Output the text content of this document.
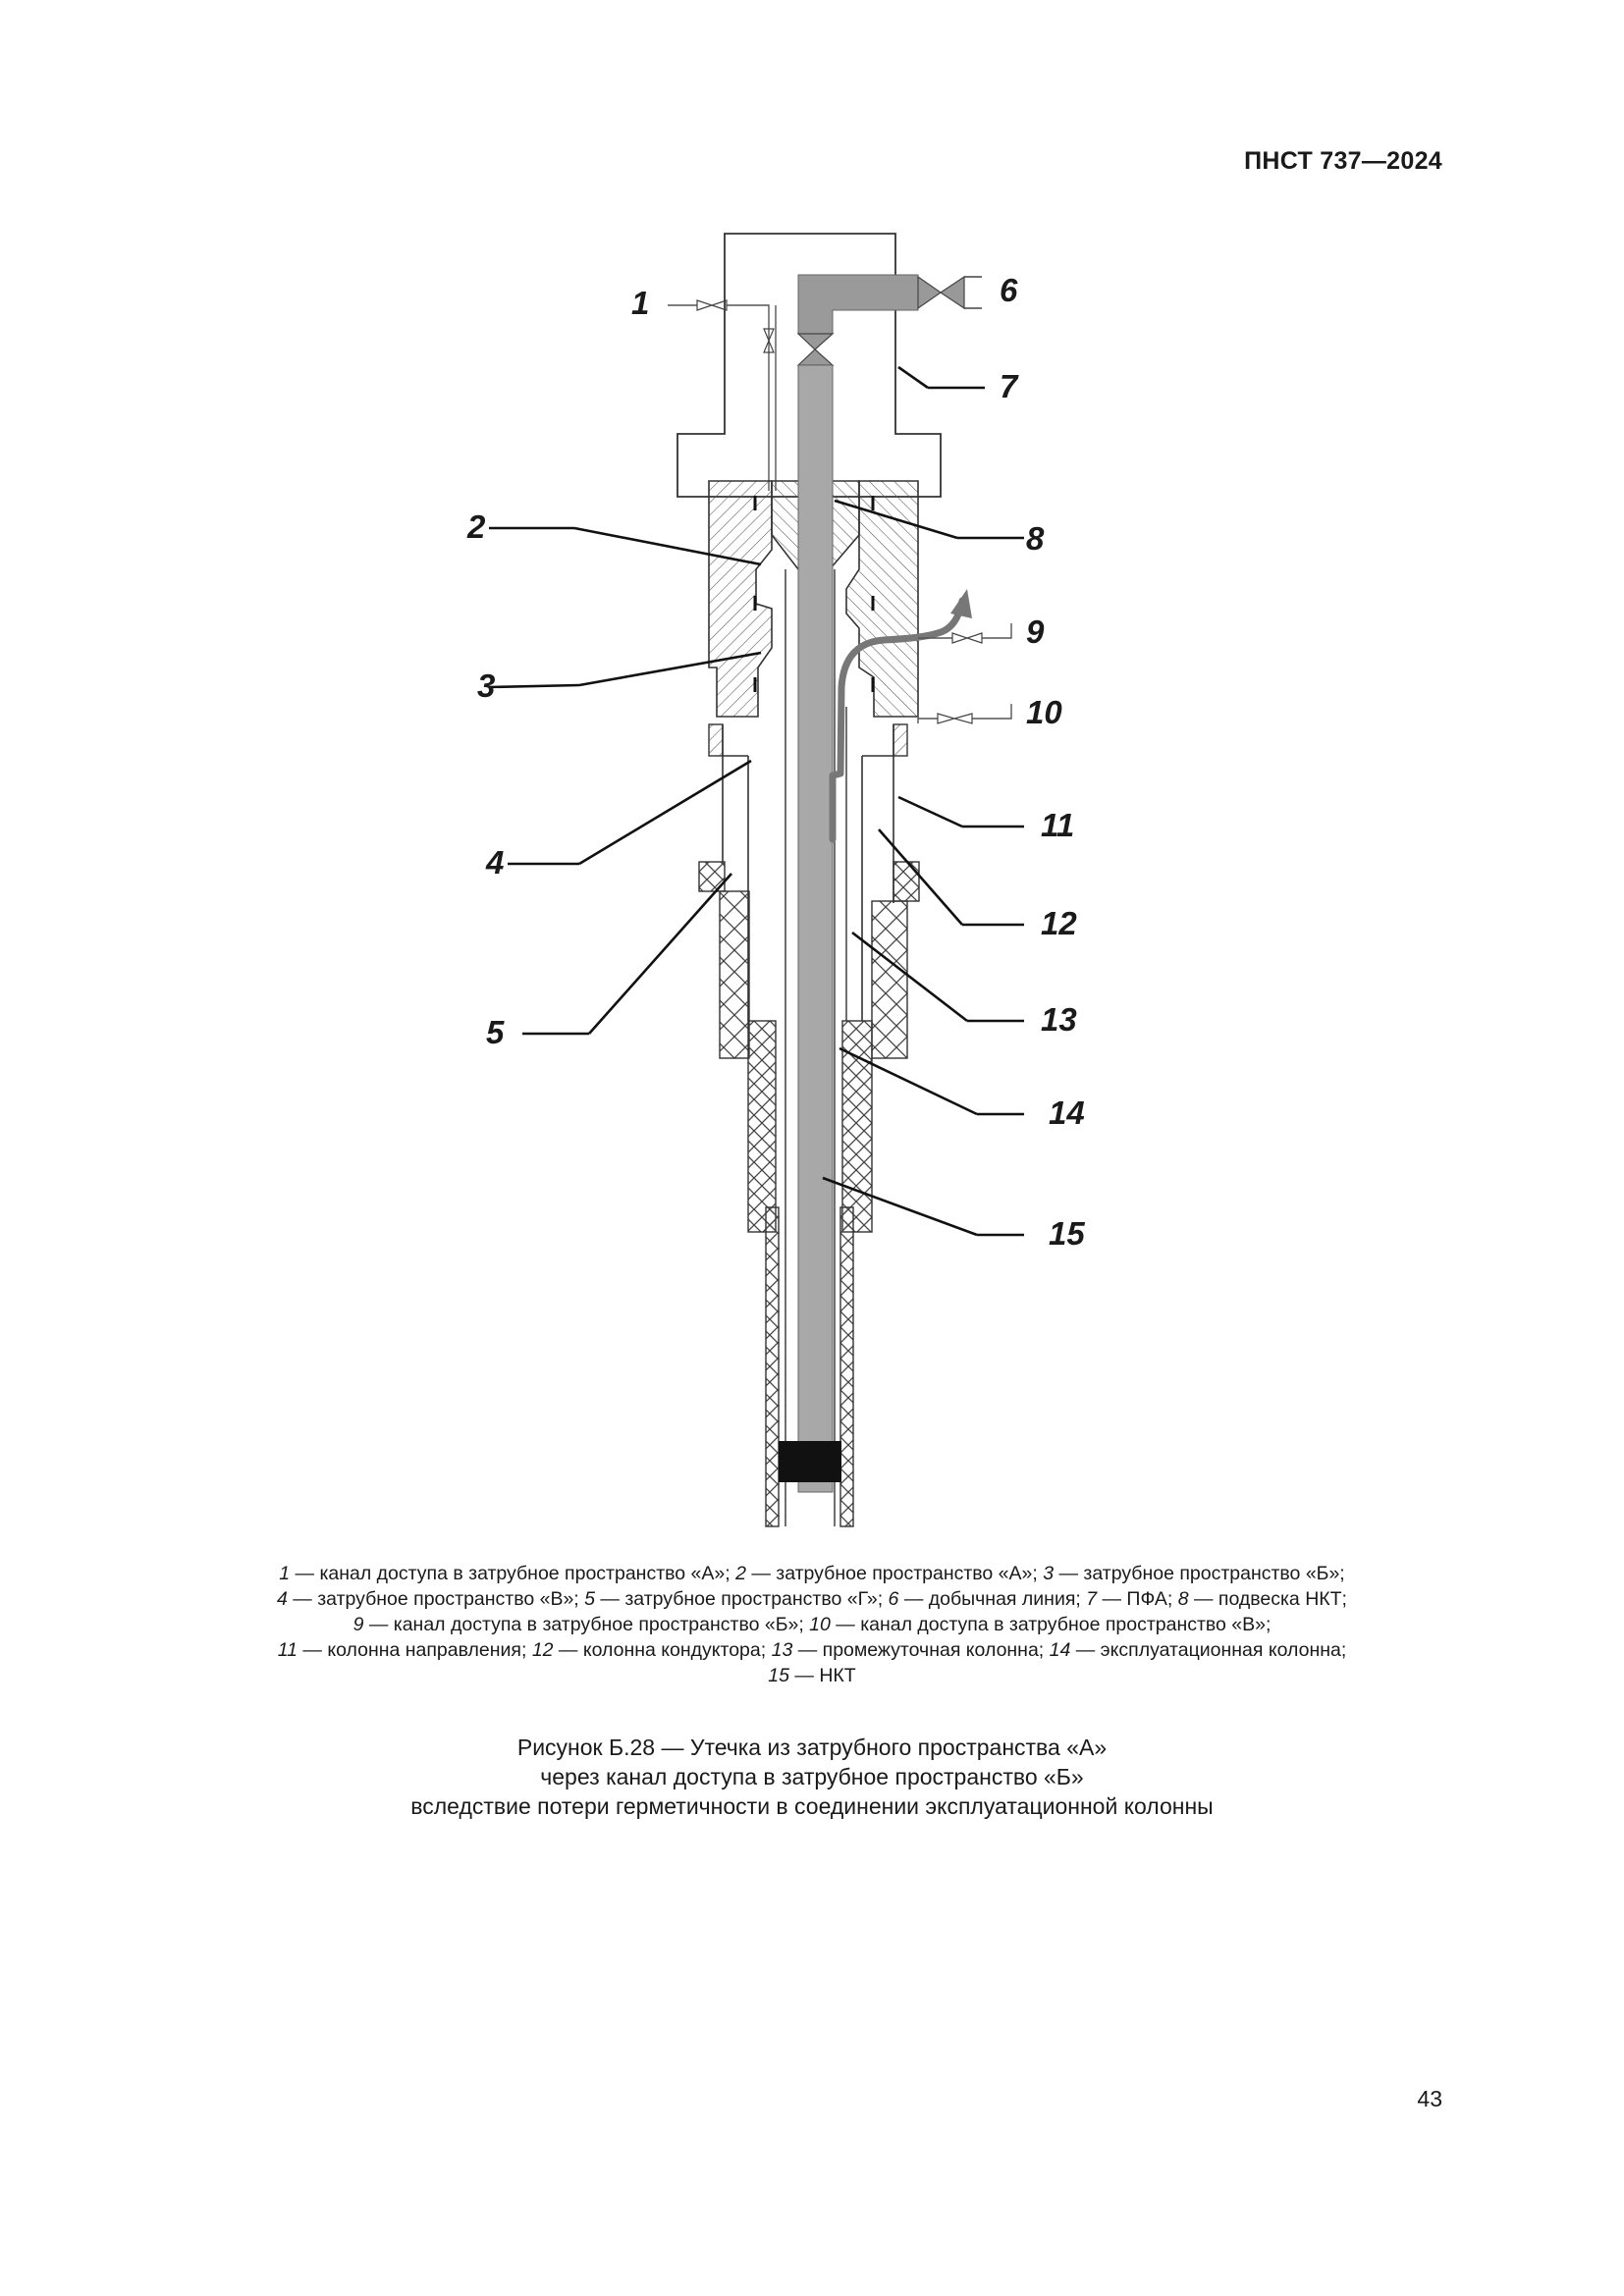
ПНСТ 737—2024
1
2
3
4
5
6
7
8
9
10
11
12
13
14
15
1 — канал доступа в затрубное пространство «А»; 2 — затрубное пространство «А»; 3 — затрубное пространство «Б»;
4 — затрубное пространство «В»; 5 — затрубное пространство «Г»; 6 — добычная линия; 7 — ПФА; 8 — подвеска НКТ;
9 — канал доступа в затрубное пространство «Б»; 10 — канал доступа в затрубное пространство «В»;
11 — колонна направления; 12 — колонна кондуктора; 13 — промежуточная колонна; 14 — эксплуатационная колонна;
15 — НКТ
Рисунок Б.28 — Утечка из затрубного пространства «А»
через канал доступа в затрубное пространство «Б»
вследствие потери герметичности в соединении эксплуатационной колонны
43
